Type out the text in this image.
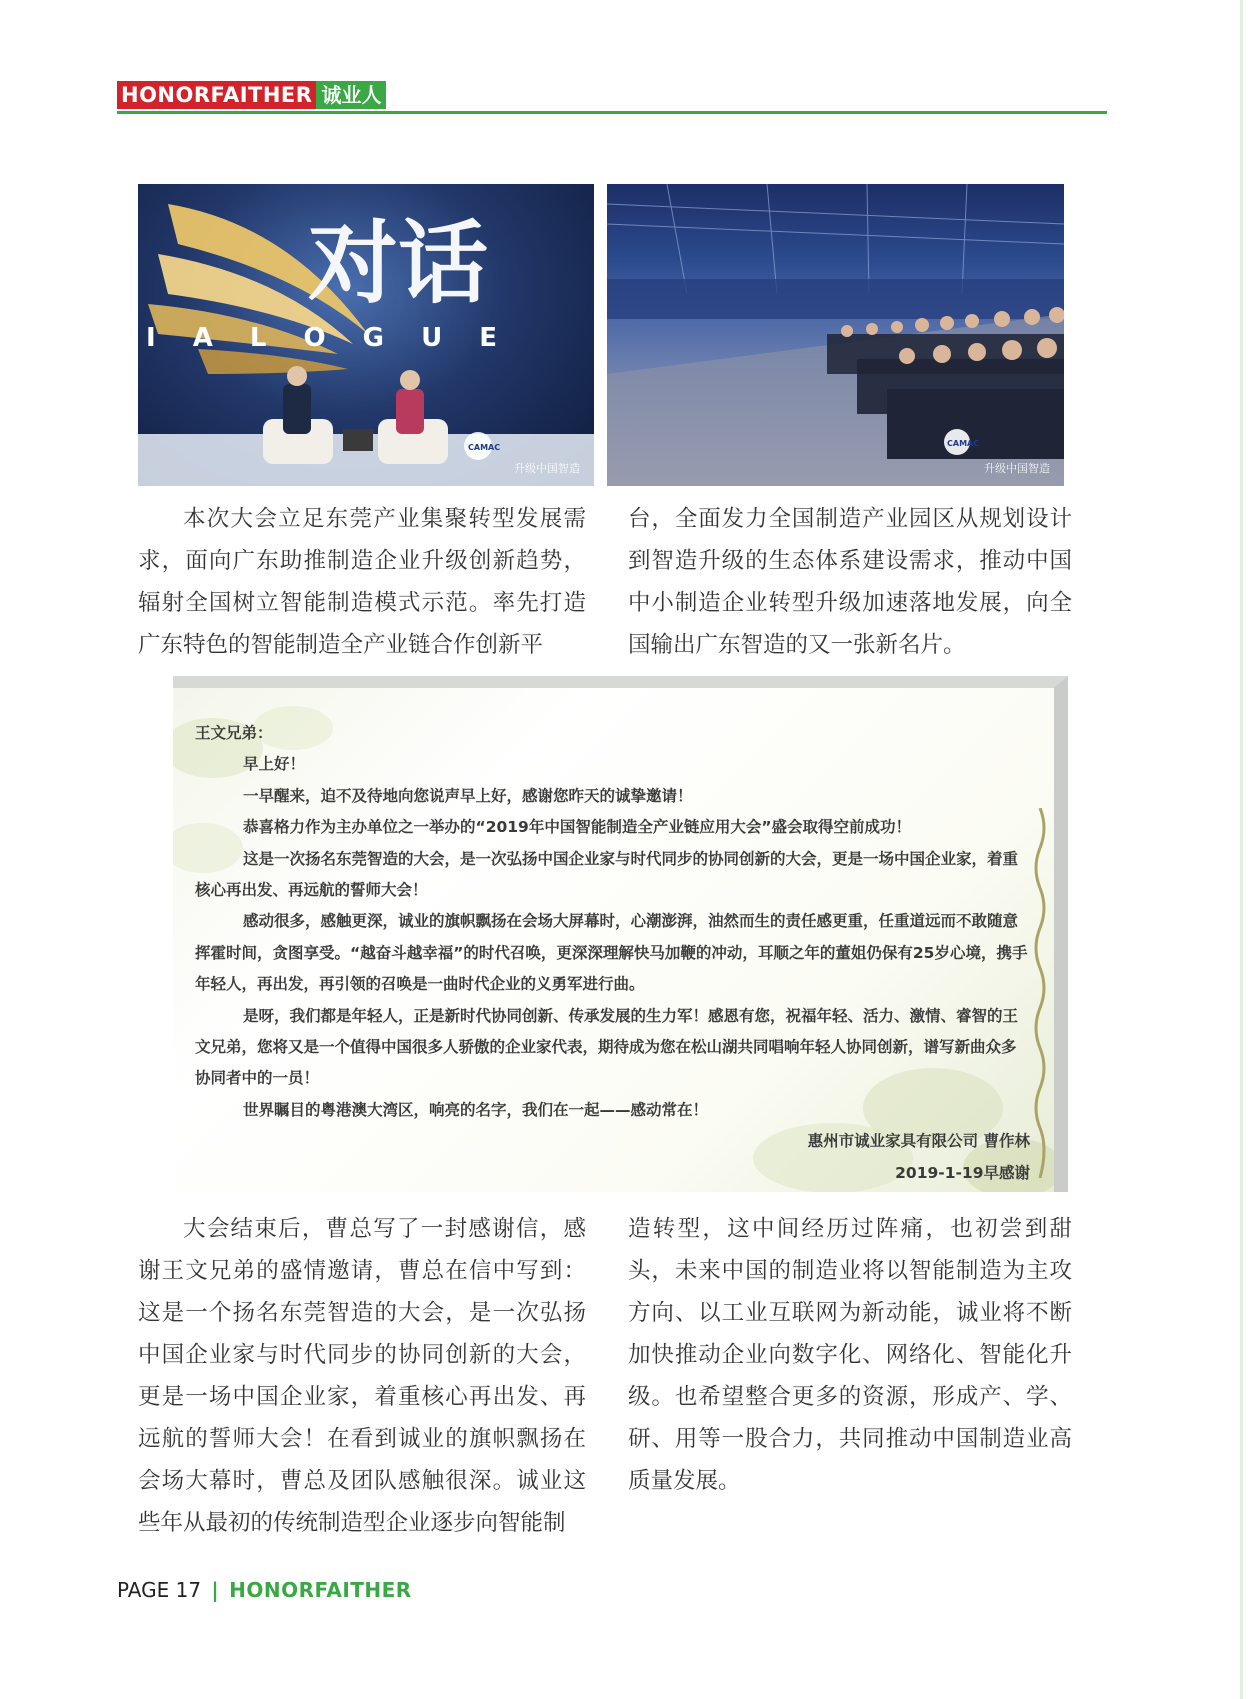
HONORFAITHER 诚业人
对话
I A L O G U E
CAMAC
升级中国智造
CAMAC
升级中国智造

本次大会立足东莞产业集聚转型发展需求，面向广东助推制造企业升级创新趋势，辐射全国树立智能制造模式示范。率先打造广东特色的智能制造全产业链合作创新平

台，全面发力全国制造产业园区从规划设计到智造升级的生态体系建设需求，推动中国中小制造企业转型升级加速落地发展，向全国输出广东智造的又一张新名片。

王文兄弟：

早上好！

一早醒来，迫不及待地向您说声早上好，感谢您昨天的诚挚邀请！

恭喜格力作为主办单位之一举办的“2019年中国智能制造全产业链应用大会”盛会取得空前成功！

这是一次扬名东莞智造的大会，是一次弘扬中国企业家与时代同步的协同创新的大会，更是一场中国企业家，着重核心再出发、再远航的誓师大会！

感动很多，感触更深，诚业的旗帜飘扬在会场大屏幕时，心潮澎湃，油然而生的责任感更重，任重道远而不敢随意挥霍时间，贪图享受。“越奋斗越幸福”的时代召唤，更深深理解快马加鞭的冲动，耳顺之年的董姐仍保有25岁心境，携手年轻人，再出发，再引领的召唤是一曲时代企业的义勇军进行曲。

是呀，我们都是年轻人，正是新时代协同创新、传承发展的生力军！感恩有您，祝福年轻、活力、激情、睿智的王文兄弟，您将又是一个值得中国很多人骄傲的企业家代表，期待成为您在松山湖共同唱响年轻人协同创新，谱写新曲众多协同者中的一员！

世界瞩目的粤港澳大湾区，响亮的名字，我们在一起——感动常在！

惠州市诚业家具有限公司 曹作林

2019-1-19早感谢

大会结束后，曹总写了一封感谢信，感谢王文兄弟的盛情邀请，曹总在信中写到：这是一个扬名东莞智造的大会，是一次弘扬中国企业家与时代同步的协同创新的大会，更是一场中国企业家，着重核心再出发、再远航的誓师大会！在看到诚业的旗帜飘扬在会场大幕时，曹总及团队感触很深。诚业这些年从最初的传统制造型企业逐步向智能制

造转型，这中间经历过阵痛，也初尝到甜头，未来中国的制造业将以智能制造为主攻方向、以工业互联网为新动能，诚业将不断加快推动企业向数字化、网络化、智能化升级。也希望整合更多的资源，形成产、学、研、用等一股合力，共同推动中国制造业高质量发展。

PAGE 17 | HONORFAITHER
